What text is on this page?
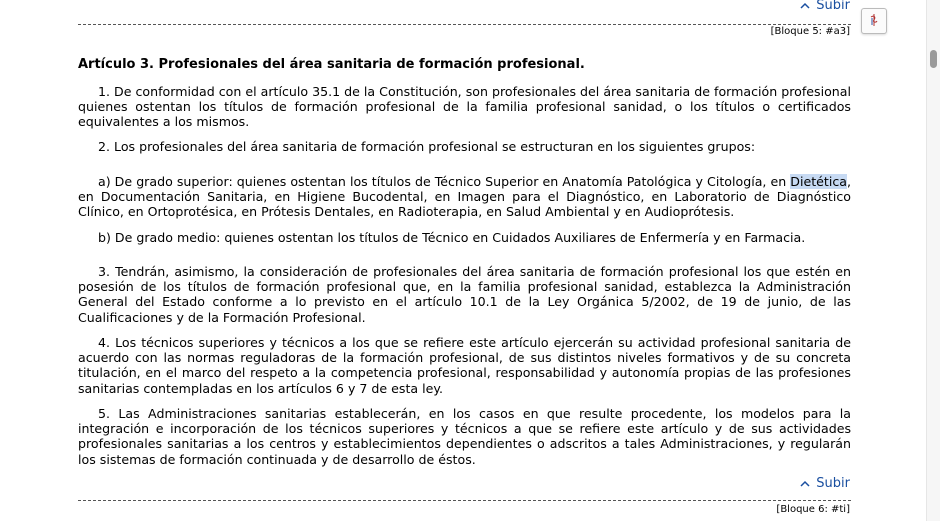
Subir
[Bloque 5: #a3]
Artículo 3. Profesionales del área sanitaria de formación profesional.

1. De conformidad con el artículo 35.1 de la Constitución, son profesionales del área sanitaria de formación profesional quienes ostentan los títulos de formación profesional de la familia profesional sanidad, o los títulos o certificados equivalentes a los mismos.

2. Los profesionales del área sanitaria de formación profesional se estructuran en los siguientes grupos:

a) De grado superior: quienes ostentan los títulos de Técnico Superior en Anatomía Patológica y Citología, en Dietética, en Documentación Sanitaria, en Higiene Bucodental, en Imagen para el Diagnóstico, en Laboratorio de Diagnóstico Clínico, en Ortoprotésica, en Prótesis Dentales, en Radioterapia, en Salud Ambiental y en Audioprótesis.

b) De grado medio: quienes ostentan los títulos de Técnico en Cuidados Auxiliares de Enfermería y en Farmacia.

3. Tendrán, asimismo, la consideración de profesionales del área sanitaria de formación profesional los que estén en posesión de los títulos de formación profesional que, en la familia profesional sanidad, establezca la Administración General del Estado conforme a lo previsto en el artículo 10.1 de la Ley Orgánica 5/2002, de 19 de junio, de las Cualificaciones y de la Formación Profesional.

4. Los técnicos superiores y técnicos a los que se refiere este artículo ejercerán su actividad profesional sanitaria de acuerdo con las normas reguladoras de la formación profesional, de sus distintos niveles formativos y de su concreta titulación, en el marco del respeto a la competencia profesional, responsabilidad y autonomía propias de las profesiones sanitarias contempladas en los artículos 6 y 7 de esta ley.

5. Las Administraciones sanitarias establecerán, en los casos en que resulte procedente, los modelos para la integración e incorporación de los técnicos superiores y técnicos a que se refiere este artículo y de sus actividades profesionales sanitarias a los centros y establecimientos dependientes o adscritos a tales Administraciones, y regularán los sistemas de formación continuada y de desarrollo de éstos.

Subir
[Bloque 6: #ti]
